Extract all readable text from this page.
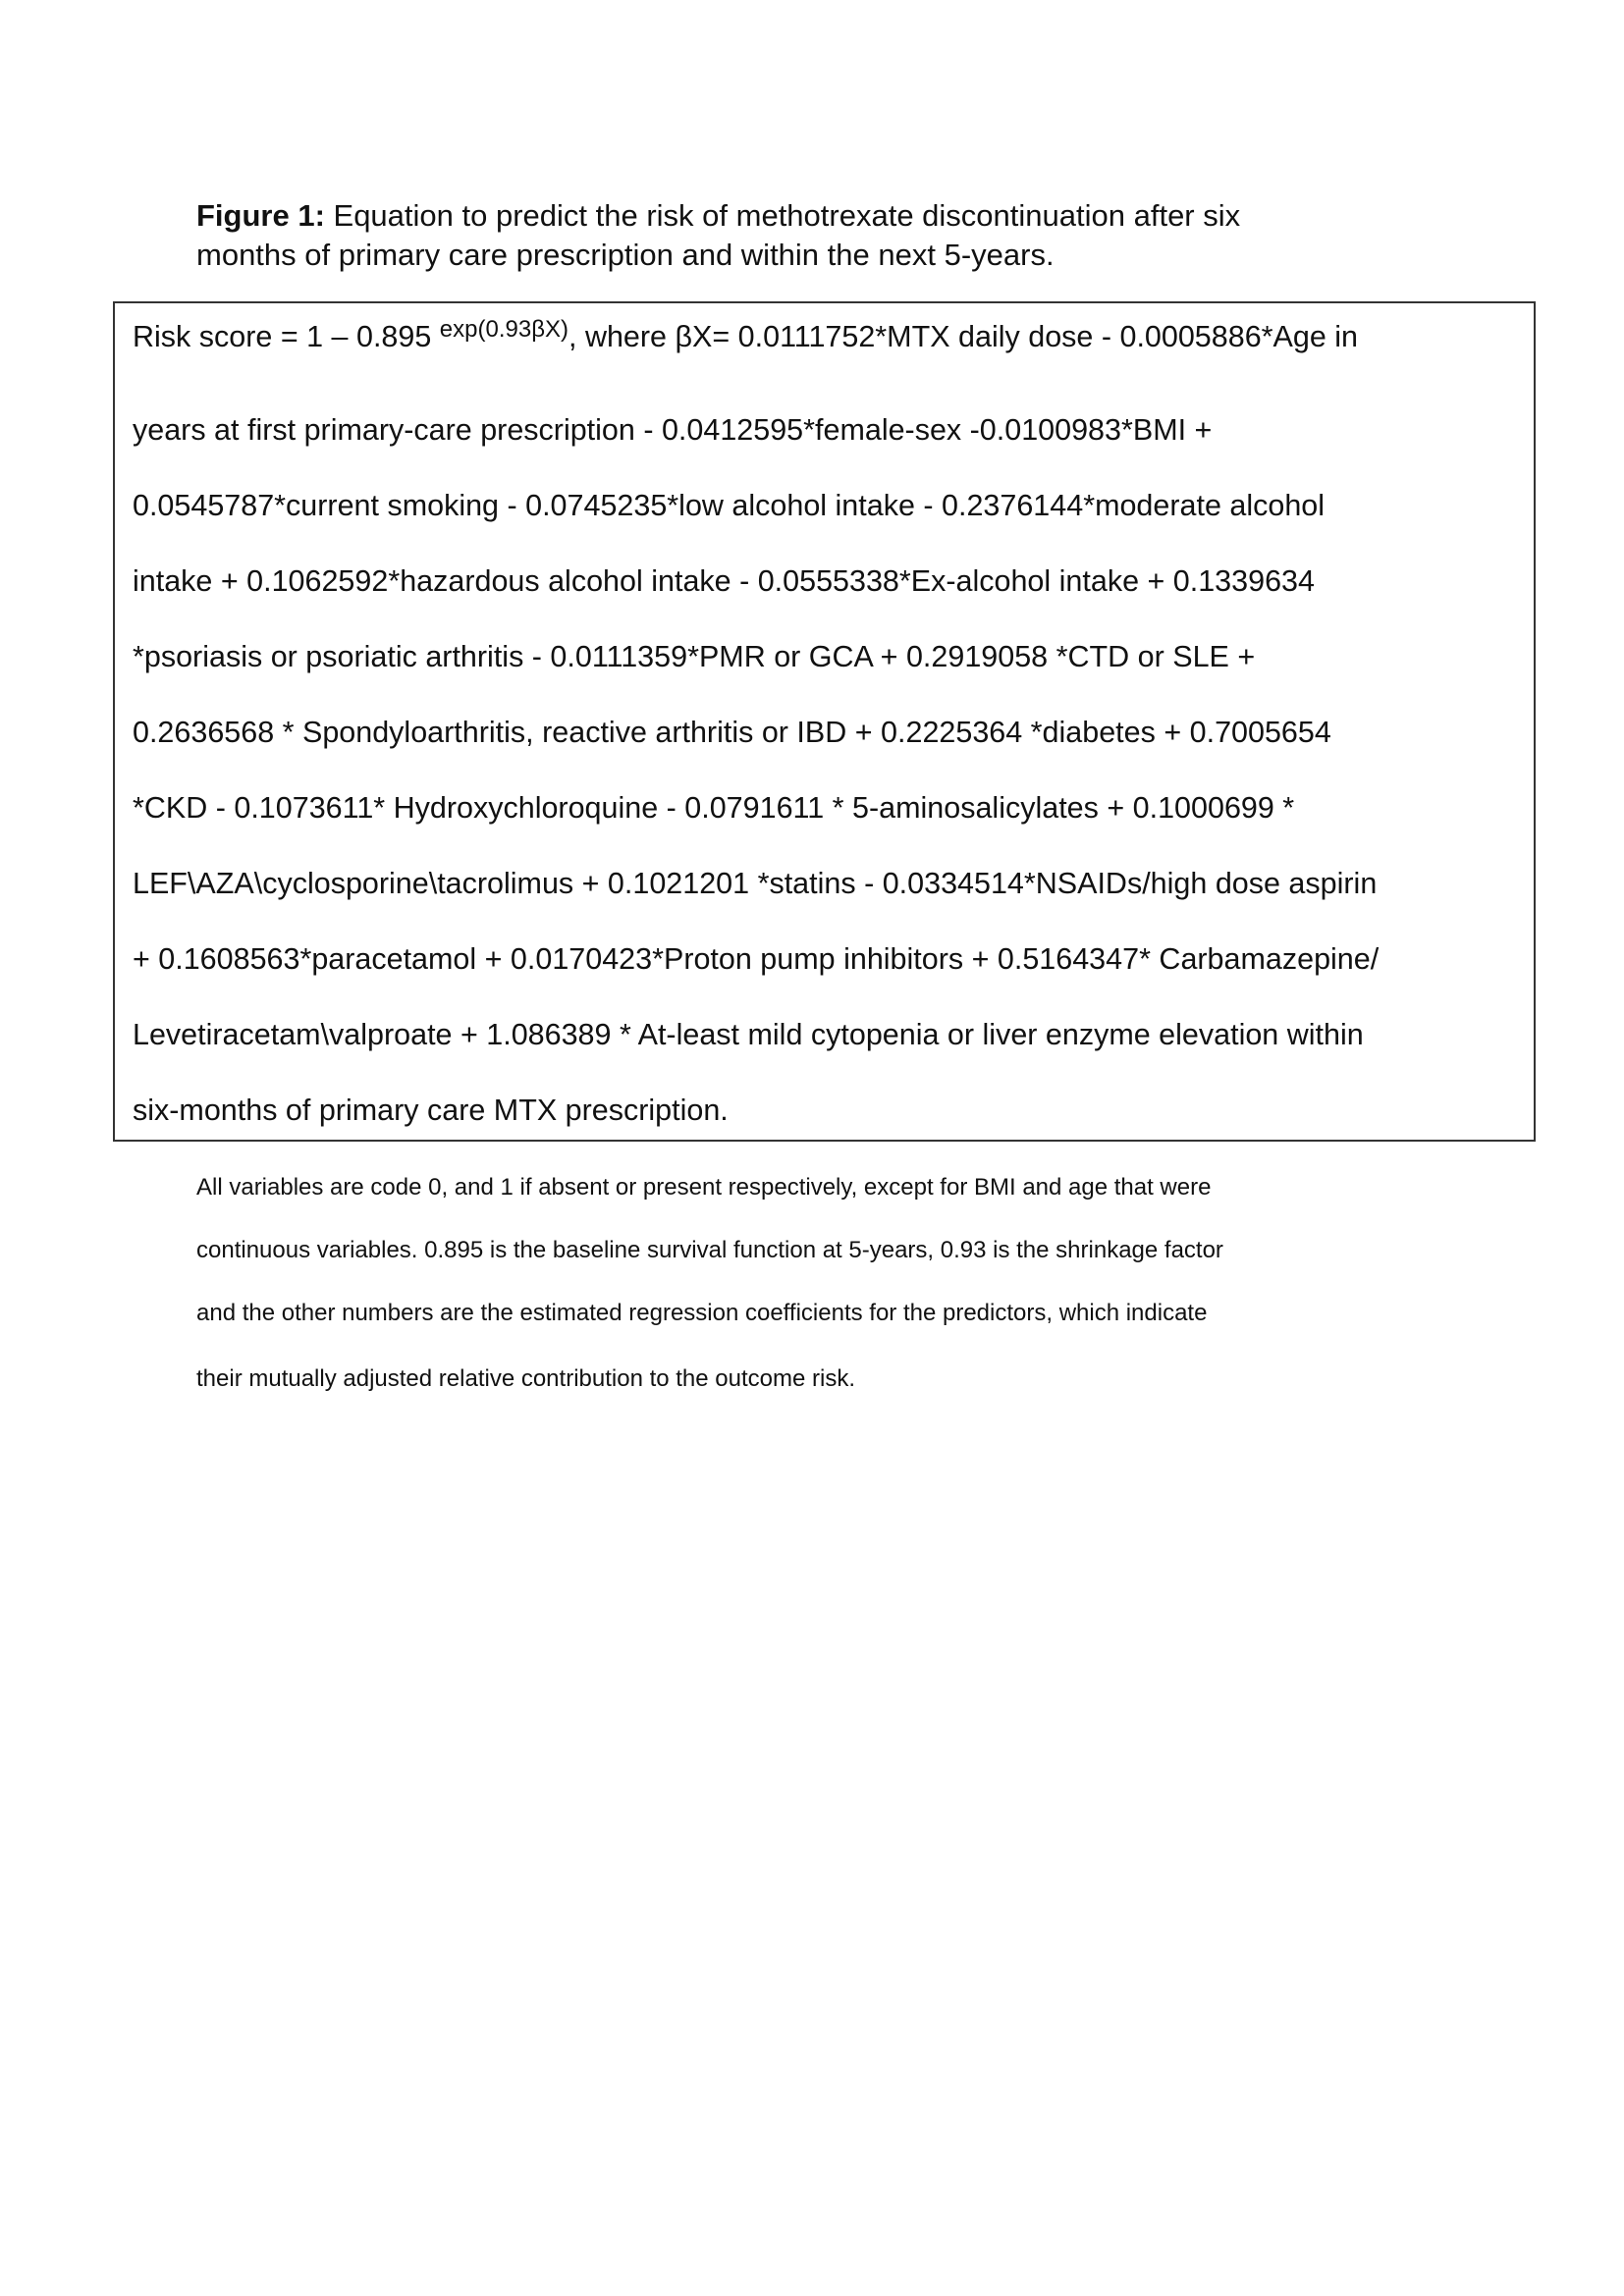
Figure 1: Equation to predict the risk of methotrexate discontinuation after six
months of primary care prescription and within the next 5-years.
Risk score = 1 – 0.895 $^{exp(0.93\beta X)}$, where βX= 0.0111752*MTX daily dose - 0.0005886*Age in
years at first primary-care prescription - 0.0412595*female-sex -0.0100983*BMI +
0.0545787*current smoking - 0.0745235*low alcohol intake - 0.2376144*moderate alcohol
intake + 0.1062592*hazardous alcohol intake - 0.0555338*Ex-alcohol intake + 0.1339634
*psoriasis or psoriatic arthritis - 0.0111359*PMR or GCA + 0.2919058 *CTD or SLE +
0.2636568 * Spondyloarthritis, reactive arthritis or IBD + 0.2225364 *diabetes + 0.7005654
*CKD - 0.1073611* Hydroxychloroquine - 0.0791611 * 5-aminosalicylates + 0.1000699 *
LEF\AZA\cyclosporine\tacrolimus + 0.1021201 *statins - 0.0334514*NSAIDs/high dose aspirin
+ 0.1608563*paracetamol + 0.0170423*Proton pump inhibitors + 0.5164347* Carbamazepine/
Levetiracetam\valproate + 1.086389 * At-least mild cytopenia or liver enzyme elevation within
six-months of primary care MTX prescription.
All variables are code 0, and 1 if absent or present respectively, except for BMI and age that were
continuous variables. 0.895 is the baseline survival function at 5-years, 0.93 is the shrinkage factor
and the other numbers are the estimated regression coefficients for the predictors, which indicate
their mutually adjusted relative contribution to the outcome risk.
